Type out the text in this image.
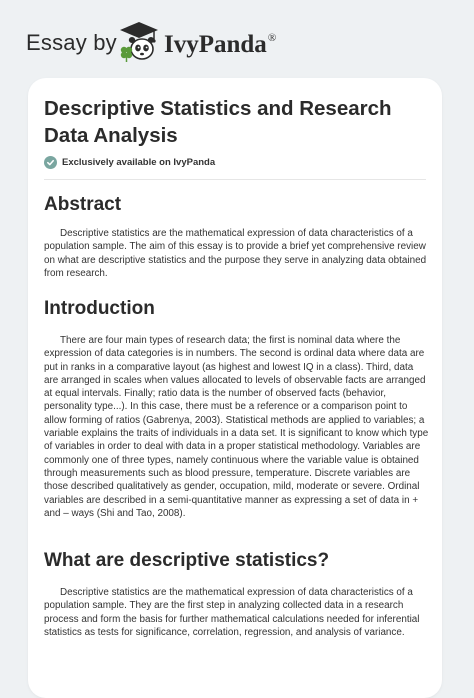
Essay by IvyPanda®
Descriptive Statistics and Research Data Analysis
Exclusively available on IvyPanda
Abstract

Descriptive statistics are the mathematical expression of data characteristics of a population sample. The aim of this essay is to provide a brief yet comprehensive review on what are descriptive statistics and the purpose they serve in analyzing data obtained from research.

Introduction

There are four main types of research data; the first is nominal data where the expression of data categories is in numbers. The second is ordinal data where data are put in ranks in a comparative layout (as highest and lowest IQ in a class). Third, data are arranged in scales when values allocated to levels of observable facts are arranged at equal intervals. Finally; ratio data is the number of observed facts (behavior, personality type...). In this case, there must be a reference or a comparison point to allow forming of ratios (Gabrenya, 2003). Statistical methods are applied to variables; a variable explains the traits of individuals in a data set. It is significant to know which type of variables in order to deal with data in a proper statistical methodology. Variables are commonly one of three types, namely continuous where the variable value is obtained through measurements such as blood pressure, temperature. Discrete variables are those described qualitatively as gender, occupation, mild, moderate or severe. Ordinal variables are described in a semi-quantitative manner as expressing a set of data in + and – ways (Shi and Tao, 2008).

What are descriptive statistics?

Descriptive statistics are the mathematical expression of data characteristics of a population sample. They are the first step in analyzing collected data in a research process and form the basis for further mathematical calculations needed for inferential statistics as tests for significance, correlation, regression, and analysis of variance.
